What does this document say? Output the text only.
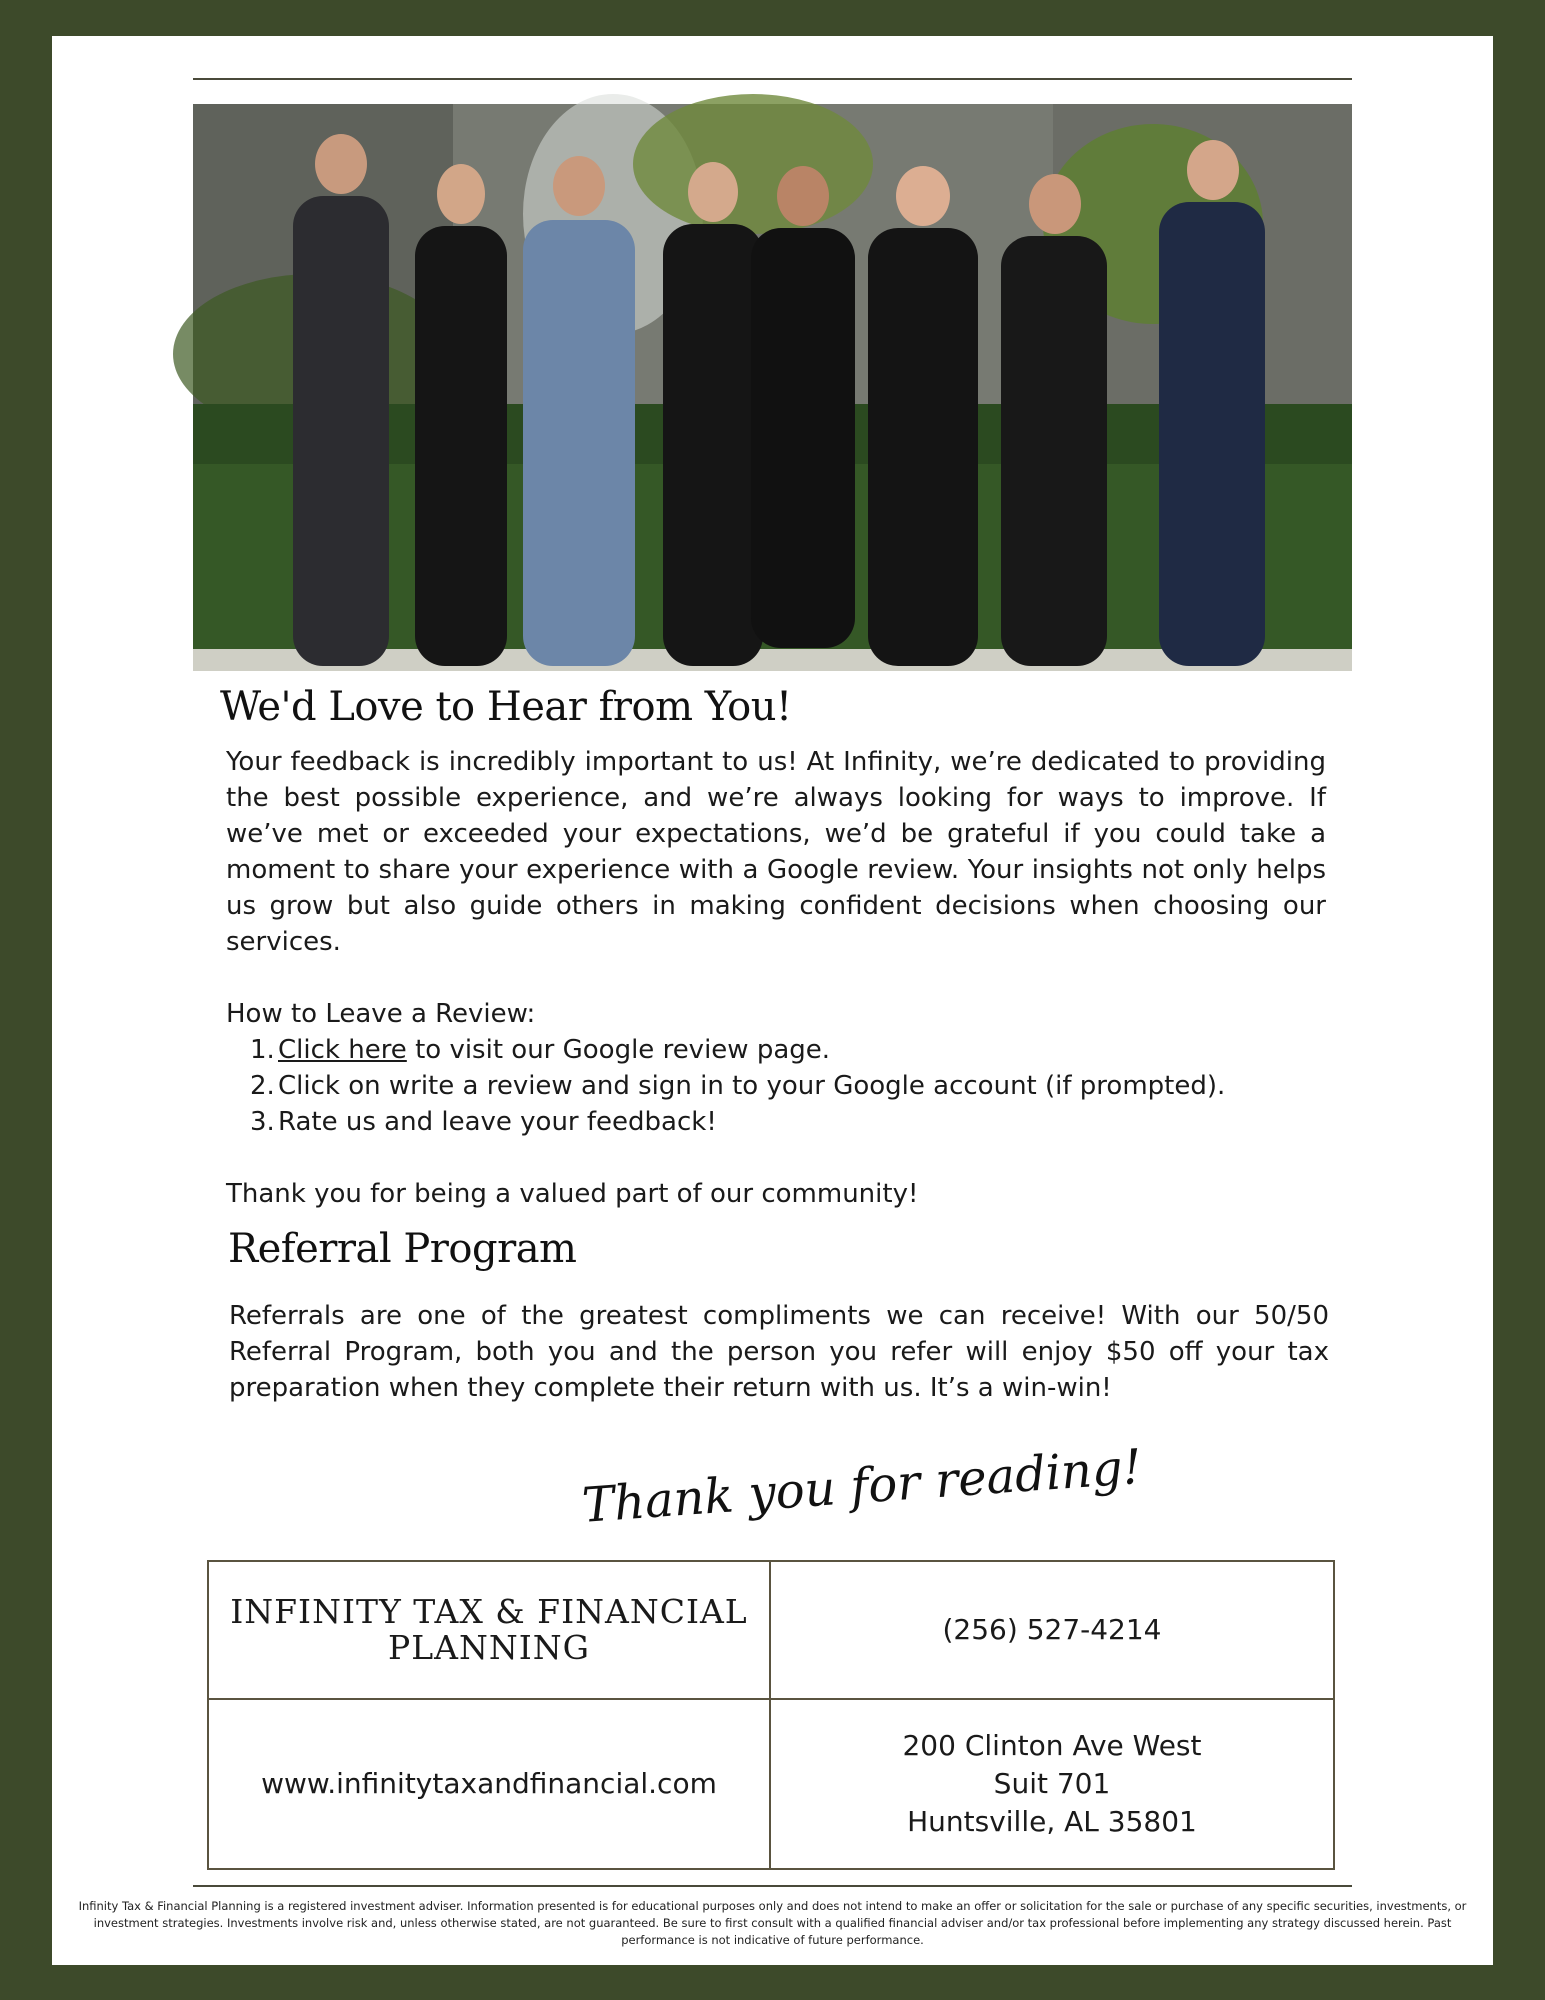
We'd Love to Hear from You!

Your feedback is incredibly important to us! At Infinity, we’re dedicated to providing the best possible experience, and we’re always looking for ways to improve. If we’ve met or exceeded your expectations, we’d be grateful if you could take a moment to share your experience with a Google review. Your insights not only helps us grow but also guide others in making confident decisions when choosing our services.

How to Leave a Review:
1. Click here to visit our Google review page.
2. Click on write a review and sign in to your Google account (if prompted).
3. Rate us and leave your feedback!
Thank you for being a valued part of our community!
Referral Program

Referrals are one of the greatest compliments we can receive! With our 50/50 Referral Program, both you and the person you refer will enjoy $50 off your tax preparation when they complete their return with us. It’s a win-win!

Thank you for reading!
INFINITY TAX & FINANCIAL PLANNING	(256) 527-4214
www.infinitytaxandfinancial.com
200 Clinton Ave West
Suit 701
Huntsville, AL 35801
Infinity Tax & Financial Planning is a registered investment adviser. Information presented is for educational purposes only and does not intend to make an offer or solicitation for the sale or purchase of any specific securities, investments, or investment strategies. Investments involve risk and, unless otherwise stated, are not guaranteed. Be sure to first consult with a qualified financial adviser and/or tax professional before implementing any strategy discussed herein. Past performance is not indicative of future performance.
